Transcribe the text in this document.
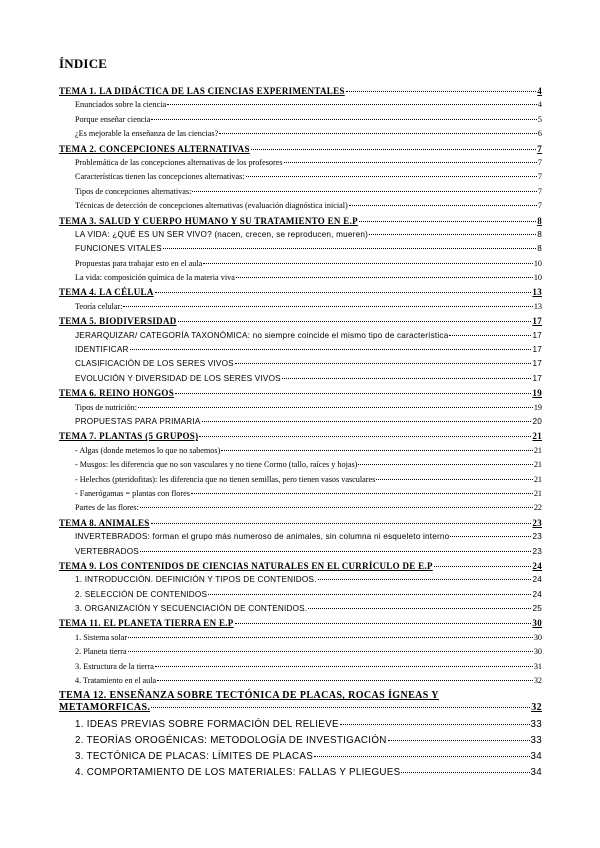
ÍNDICE
TEMA 1. LA DIDÁCTICA DE LAS CIENCIAS EXPERIMENTALES	4
Enunciados sobre la ciencia	4
Porque enseñar ciencia	5
¿Es mejorable la enseñanza de las ciencias?	6
TEMA 2. CONCEPCIONES ALTERNATIVAS	7
Problemática de las concepciones alternativas de los profesores	7
Características tienen las concepciones alternativas:	7
Tipos de concepciones alternativas:	7
Técnicas de detección de concepciones alternativas (evaluación diagnóstica inicial)	7
TEMA 3. SALUD Y CUERPO HUMANO Y SU TRATAMIENTO EN E.P	8
LA VIDA: ¿QUÉ ES UN SER VIVO? (nacen, crecen, se reproducen, mueren)	8
FUNCIONES VITALES	8
Propuestas para trabajar esto en el aula	10
La vida: composición química de la materia viva	10
TEMA 4. LA CÉLULA	13
Teoría celular:	13
TEMA 5. BIODIVERSIDAD	17
JERARQUIZAR/ CATEGORÍA TAXONÓMICA: no siempre coincide el mismo tipo de característica	17
IDENTIFICAR	17
CLASIFICACIÓN DE LOS SERES VIVOS	17
EVOLUCIÓN Y DIVERSIDAD DE LOS SERES VIVOS	17
TEMA 6. REINO HONGOS	19
Tipos de nutrición:	19
PROPUESTAS PARA PRIMARIA	20
TEMA 7. PLANTAS (5 GRUPOS)	21
- Algas (donde metemos lo que no sabemos)	21
- Musgos: les diferencia que no son vasculares y no tiene Cormo (tallo, raíces y hojas)	21
- Helechos (pteridofitas): les diferencia que no tienen semillas, pero tienen vasos vasculares	21
- Fanerógamas = plantas con flores	21
Partes de las flores:	22
TEMA 8. ANIMALES	23
INVERTEBRADOS: forman el grupo más numeroso de animales, sin columna ni esqueleto interno	23
VERTEBRADOS	23
TEMA 9. LOS CONTENIDOS DE CIENCIAS NATURALES EN EL CURRÍCULO DE E.P	24
1. INTRODUCCIÓN. DEFINICIÓN Y TIPOS DE CONTENIDOS.	24
2. SELECCIÓN DE CONTENIDOS	24
3. ORGANIZACIÓN Y SECUENCIACIÓN DE CONTENIDOS.	25
TEMA 11. EL PLANETA TIERRA EN E.P	30
1. Sistema solar	30
2. Planeta tierra	30
3. Estructura de la tierra	31
4. Tratamiento en el aula	32
TEMA 12. ENSEÑANZA SOBRE TECTÓNICA DE PLACAS, ROCAS ÍGNEAS Y
METAMÓRFICAS.	32
1. IDEAS PREVIAS SOBRE FORMACIÓN DEL RELIEVE	33
2. TEORÍAS OROGÉNICAS: METODOLOGÍA DE INVESTIGACIÓN	33
3. TECTÓNICA DE PLACAS: LÍMITES DE PLACAS	34
4. COMPORTAMIENTO DE LOS MATERIALES: FALLAS Y PLIEGUES	34
